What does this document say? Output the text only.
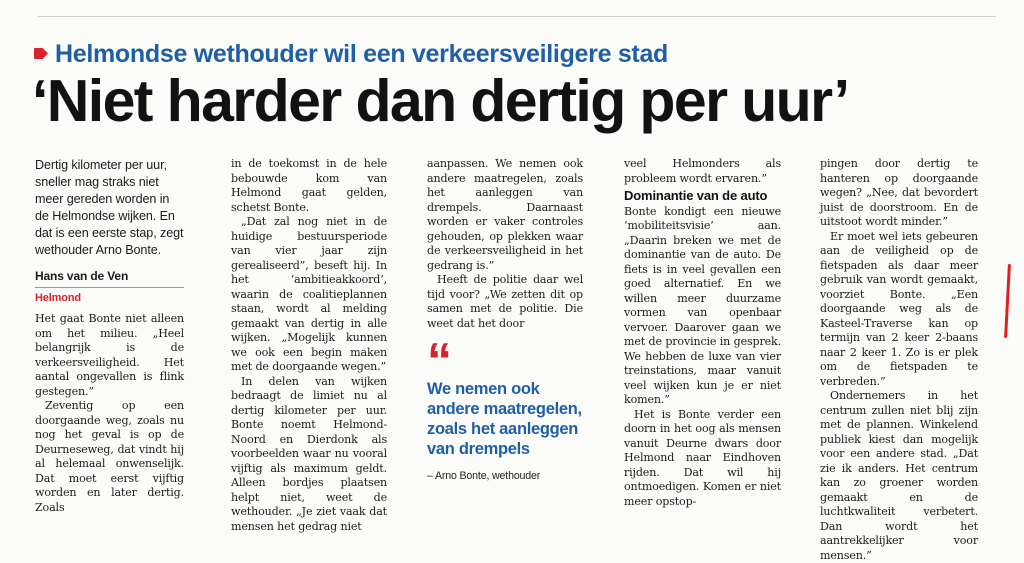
Helmondse wethouder wil een verkeersveiligere stad
‘Niet harder dan dertig per uur’

Dertig kilometer per uur, sneller mag straks niet meer gereden worden in de Helmondse wijken. En dat is een eerste stap, zegt wethouder Arno Bonte.

Hans van de Ven
Helmond

Het gaat Bonte niet alleen om het milieu. „Heel belangrijk is de verkeersveiligheid. Het aantal ongevallen is flink gestegen.”

Zeventig op een doorgaande weg, zoals nu nog het geval is op de Deurneseweg, dat vindt hij al helemaal onwenselijk. Dat moet eerst vijftig worden en later dertig. Zoals

in de toekomst in de hele bebouwde kom van Helmond gaat gelden, schetst Bonte.

„Dat zal nog niet in de huidige bestuursperiode van vier jaar zijn gerealiseerd”, beseft hij. In het ‘ambitieakkoord’, waarin de coalitieplannen staan, wordt al melding gemaakt van dertig in alle wijken. „Mogelijk kunnen we ook een begin maken met de doorgaande wegen.”

In delen van wijken bedraagt de limiet nu al dertig kilometer per uur. Bonte noemt Helmond-Noord en Dierdonk als voorbeelden waar nu vooral vijftig als maximum geldt. Alleen bordjes plaatsen helpt niet, weet de wethouder. „Je ziet vaak dat mensen het gedrag niet

aanpassen. We nemen ook andere maatregelen, zoals het aanleggen van drempels. Daarnaast worden er vaker controles gehouden, op plekken waar de verkeersveiligheid in het gedrang is.”

Heeft de politie daar wel tijd voor? „We zetten dit op samen met de politie. Die weet dat het door

“
We nemen ook andere maatregelen, zoals het aanleggen van drempels
– Arno Bonte, wethouder

veel Helmonders als probleem wordt ervaren.”

Dominantie van de auto

Bonte kondigt een nieuwe ‘mobiliteitsvisie’ aan. „Daarin breken we met de dominantie van de auto. De fiets is in veel gevallen een goed alternatief. En we willen meer duurzame vormen van openbaar vervoer. Daarover gaan we met de provincie in gesprek. We hebben de luxe van vier treinstations, maar vanuit veel wijken kun je er niet komen.”

Het is Bonte verder een doorn in het oog als mensen vanuit Deurne dwars door Helmond naar Eindhoven rijden. Dat wil hij ontmoedigen. Komen er niet meer opstop-

pingen door dertig te hanteren op doorgaande wegen? „Nee, dat bevordert juist de doorstroom. En de uitstoot wordt minder.”

Er moet wel iets gebeuren aan de veiligheid op de fietspaden als daar meer gebruik van wordt gemaakt, voorziet Bonte. „Een doorgaande weg als de Kasteel-Traverse kan op termijn van 2 keer 2-baans naar 2 keer 1. Zo is er plek om de fietspaden te verbreden.”

Ondernemers in het centrum zullen niet blij zijn met de plannen. Winkelend publiek kiest dan mogelijk voor een andere stad. „Dat zie ik anders. Het centrum kan zo groener worden gemaakt en de luchtkwaliteit verbetert. Dan wordt het aantrekkelijker voor mensen.”
